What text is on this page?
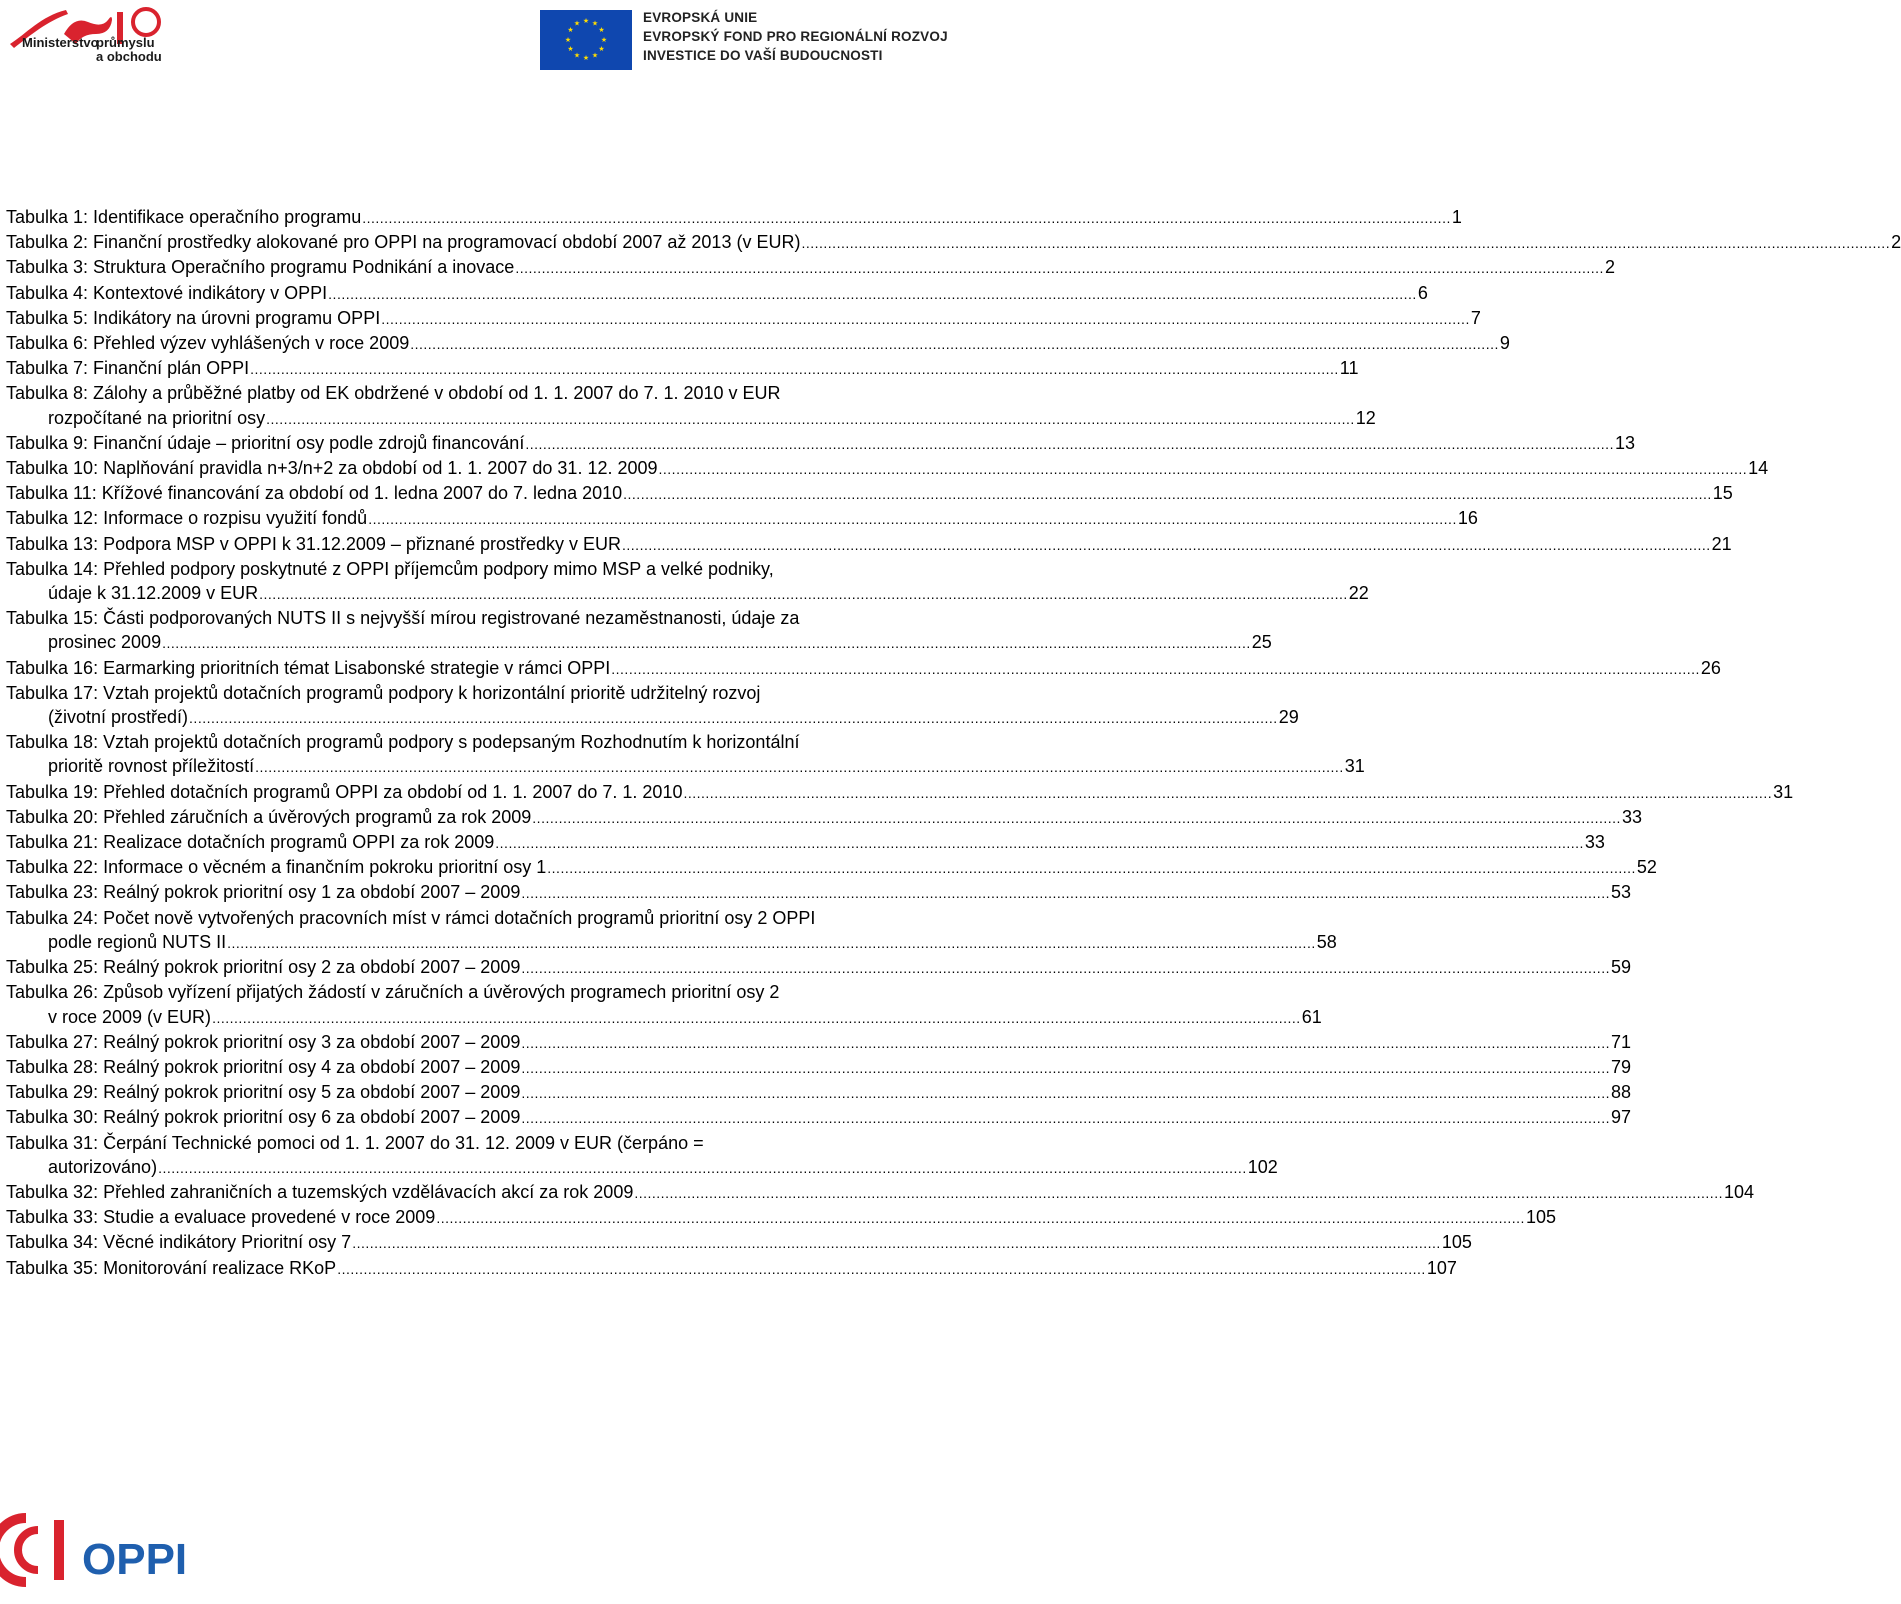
Ministerstvo
průmyslu
a obchodu
★ ★
★
★
★
★
★
★
★
★
★
★	EVROPSKÁ UNIE
EVROPSKÝ FOND PRO REGIONÁLNÍ ROZVOJ
INVESTICE DO VAŠÍ BUDOUCNOSTI
Tabulka 1: Identifikace operačního programu .....	1
Tabulka 2: Finanční prostředky alokované pro OPPI na programovací období 2007 až 2013 (v EUR) .....	2
Tabulka 3: Struktura Operačního programu Podnikání a inovace .....	2
Tabulka 4: Kontextové indikátory v OPPI .....	6
Tabulka 5: Indikátory na úrovni programu OPPI .....	7
Tabulka 6: Přehled výzev vyhlášených v roce 2009 .....	9
Tabulka 7: Finanční plán OPPI .....	11
Tabulka 8: Zálohy a průběžné platby od EK obdržené v období od 1. 1. 2007 do 7. 1. 2010 v EUR
rozpočítané na prioritní osy .....	12
Tabulka 9: Finanční údaje – prioritní osy podle zdrojů financování .....	13
Tabulka 10: Naplňování pravidla n+3/n+2 za období od 1. 1. 2007 do 31. 12. 2009 .....	14
Tabulka 11: Křížové financování za období od 1. ledna 2007 do 7. ledna 2010 .....	15
Tabulka 12: Informace o rozpisu využití fondů .....	16
Tabulka 13: Podpora MSP v OPPI k 31.12.2009 – přiznané prostředky v EUR .....	21
Tabulka 14: Přehled podpory poskytnuté z OPPI příjemcům podpory mimo MSP a velké podniky,
údaje k 31.12.2009 v EUR .....	22
Tabulka 15: Části podporovaných NUTS II s nejvyšší mírou registrované nezaměstnanosti, údaje za
prosinec 2009 .....	25
Tabulka 16: Earmarking prioritních témat Lisabonské strategie v rámci OPPI .....	26
Tabulka 17: Vztah projektů dotačních programů podpory k horizontální prioritě udržitelný rozvoj
(životní prostředí) .....	29
Tabulka 18: Vztah projektů dotačních programů podpory s podepsaným Rozhodnutím k horizontální
prioritě rovnost příležitostí .....	31
Tabulka 19: Přehled dotačních programů OPPI za období od 1. 1. 2007 do 7. 1. 2010 .....	31
Tabulka 20: Přehled záručních a úvěrových programů za rok 2009 .....	33
Tabulka 21: Realizace dotačních programů OPPI za rok 2009 .....	33
Tabulka 22: Informace o věcném a finančním pokroku prioritní osy 1 .....	52
Tabulka 23: Reálný pokrok prioritní osy 1 za období 2007 – 2009 .....	53
Tabulka 24: Počet nově vytvořených pracovních míst v rámci dotačních programů prioritní osy 2 OPPI
podle regionů NUTS II .....	58
Tabulka 25: Reálný pokrok prioritní osy 2 za období 2007 – 2009 .....	59
Tabulka 26: Způsob vyřízení přijatých žádostí v záručních a úvěrových programech prioritní osy 2
v roce 2009 (v EUR) .....	61
Tabulka 27: Reálný pokrok prioritní osy 3 za období 2007 – 2009 .....	71
Tabulka 28: Reálný pokrok prioritní osy 4 za období 2007 – 2009 .....	79
Tabulka 29: Reálný pokrok prioritní osy 5 za období 2007 – 2009 .....	88
Tabulka 30: Reálný pokrok prioritní osy 6 za období 2007 – 2009 .....	97
Tabulka 31: Čerpání Technické pomoci od 1. 1. 2007 do 31. 12. 2009 v EUR (čerpáno =
autorizováno) .....	102
Tabulka 32: Přehled zahraničních a tuzemských vzdělávacích akcí za rok 2009 .....	104
Tabulka 33: Studie a evaluace provedené v roce 2009 .....	105
Tabulka 34: Věcné indikátory Prioritní osy 7 .....	105
Tabulka 35: Monitorování realizace RKoP .....	107
OPPI
